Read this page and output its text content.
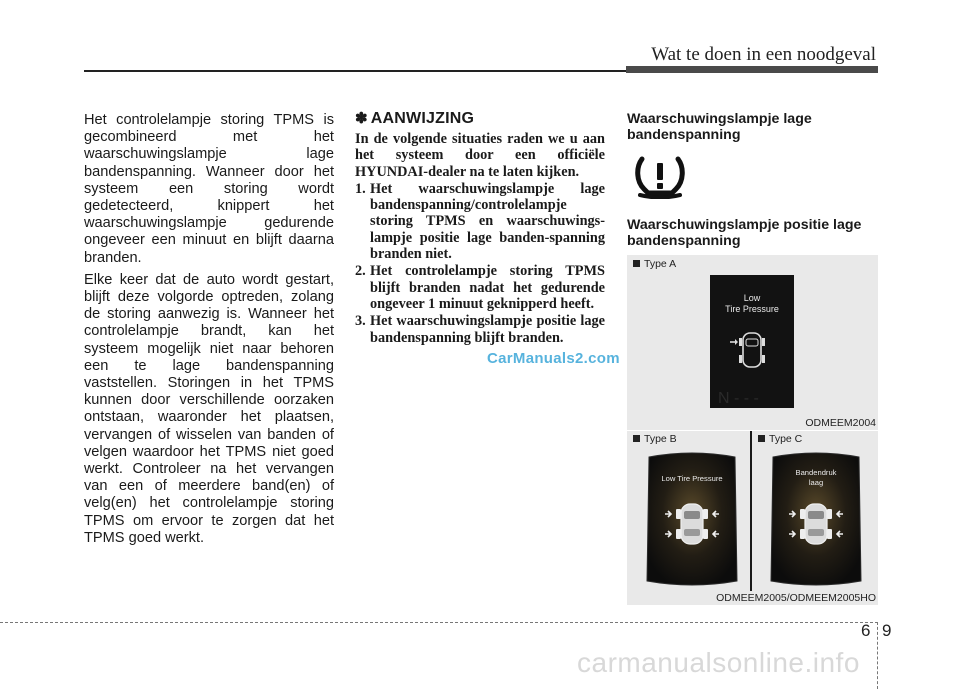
Wat te doen in een noodgeval

Het controlelampje storing TPMS is gecombineerd met het waarschuwingslampje lage bandenspanning. Wanneer door het systeem een storing wordt gedetecteerd, knippert het waarschuwingslampje gedurende ongeveer een minuut en blijft daarna branden.

Elke keer dat de auto wordt gestart, blijft deze volgorde optreden, zolang de storing aanwezig is. Wanneer het controlelampje brandt, kan het systeem mogelijk niet naar behoren een te lage bandenspanning vaststellen. Storingen in het TPMS kunnen door verschillende oorzaken ontstaan, waaronder het plaatsen, vervangen of wisselen van banden of velgen waardoor het TPMS niet goed werkt. Controleer na het vervangen van een of meerdere band(en) of velg(en) het controlelampje storing TPMS om ervoor te zorgen dat het TPMS goed werkt.

✽ AANWIJZING

In de volgende situaties raden we u aan het systeem door een officiële HYUNDAI-dealer na te laten kijken.

1. Het waarschuwingslampje lage bandenspanning/controlelampje storing TPMS en waarschuwings-lampje positie lage banden-spanning branden niet.
2. Het controlelampje storing TPMS blijft branden nadat het gedurende ongeveer 1 minuut geknipperd heeft.
3. Het waarschuwingslampje positie lage bandenspanning blijft branden.
CarManuals2.com
Waarschuwingslampje lage bandenspanning
Waarschuwingslampje positie lage bandenspanning
Type A
Low
Tire Pressure
N - - -
ODMEEM2004
Type B	Type C
Low Tire Pressure
Bandendruk
laag
ODMEEM2005/ODMEEM2005HO
6 9
carmanualsonline.info
